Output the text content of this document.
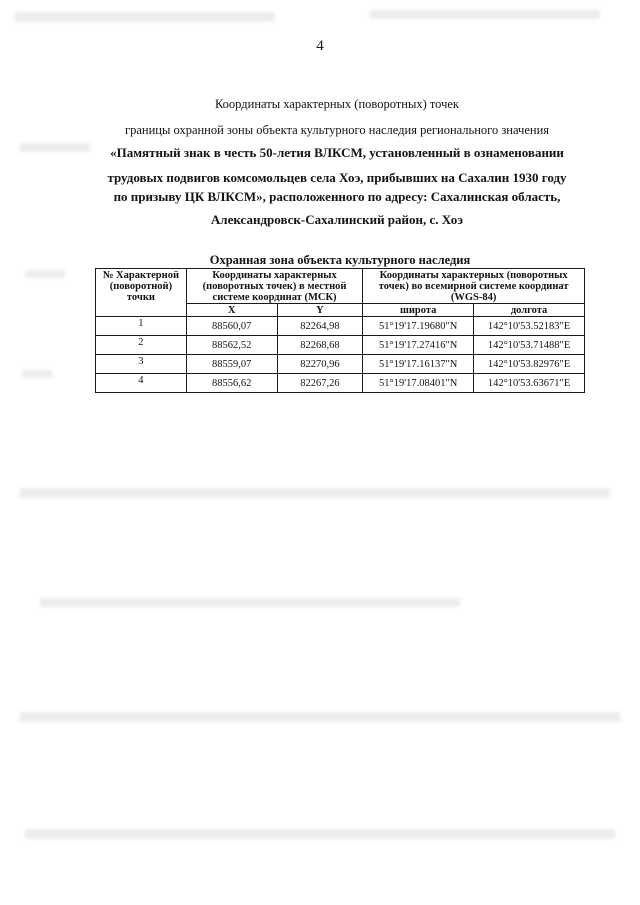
4
Координаты характерных (поворотных) точек
границы охранной зоны объекта культурного наследия регионального значения
«Памятный знак в честь 50-летия ВЛКСМ, установленный в ознаменовании
трудовых подвигов комсомольцев села Хоэ, прибывших на Сахалин 1930 году
по призыву ЦК ВЛКСМ», расположенного по адресу: Сахалинская область,
Александровск-Сахалинский район, с. Хоэ
Охранная зона объекта культурного наследия
№ Характерной (поворотной) точки	Координаты характерных (поворотных точек) в местной системе координат (МСК)		Координаты характерных (поворотных точек) во всемирной системе координат (WGS-84)	
	X	Y	широта	долгота
1	88560,07	82264,98	51°19'17.19680"N	142°10'53.52183"E
2	88562,52	82268,68	51°19'17.27416"N	142°10'53.71488"E
3	88559,07	82270,96	51°19'17.16137"N	142°10'53.82976"E
4	88556,62	82267,26	51°19'17.08401"N	142°10'53.63671"E
